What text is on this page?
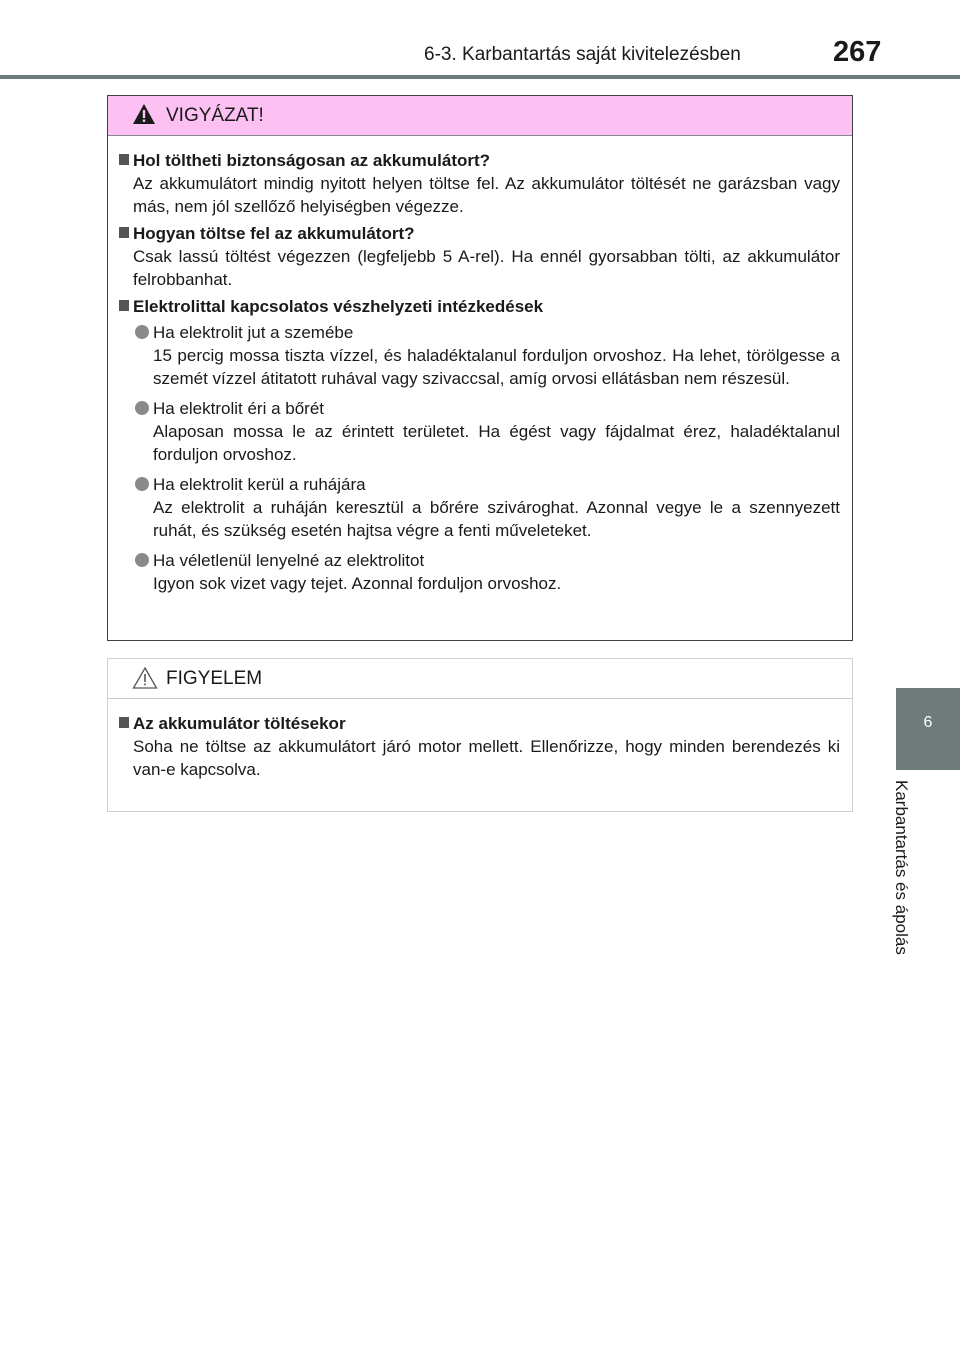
6-3. Karbantartás saját kivitelezésben	267
6
Karbantartás és ápolás
VIGYÁZAT!
Hol töltheti biztonságosan az akkumulátort?

Az akkumulátort mindig nyitott helyen töltse fel. Az akkumulátor töltését ne garázsban vagy más, nem jól szellőző helyiségben végezze.

Hogyan töltse fel az akkumulátort?

Csak lassú töltést végezzen (legfeljebb 5 A-rel). Ha ennél gyorsabban tölti, az akkumulátor felrobbanhat.

Elektrolittal kapcsolatos vészhelyzeti intézkedések
Ha elektrolit jut a szemébe

15 percig mossa tiszta vízzel, és haladéktalanul forduljon orvoshoz. Ha lehet, törölgesse a szemét vízzel átitatott ruhával vagy szivaccsal, amíg orvosi ellátásban nem részesül.

Ha elektrolit éri a bőrét

Alaposan mossa le az érintett területet. Ha égést vagy fájdalmat érez, haladéktalanul forduljon orvoshoz.

Ha elektrolit kerül a ruhájára

Az elektrolit a ruháján keresztül a bőrére szivároghat. Azonnal vegye le a szennyezett ruhát, és szükség esetén hajtsa végre a fenti műveleteket.

Ha véletlenül lenyelné az elektrolitot

Igyon sok vizet vagy tejet. Azonnal forduljon orvoshoz.

FIGYELEM
Az akkumulátor töltésekor

Soha ne töltse az akkumulátort járó motor mellett. Ellenőrizze, hogy minden berendezés ki van-e kapcsolva.
